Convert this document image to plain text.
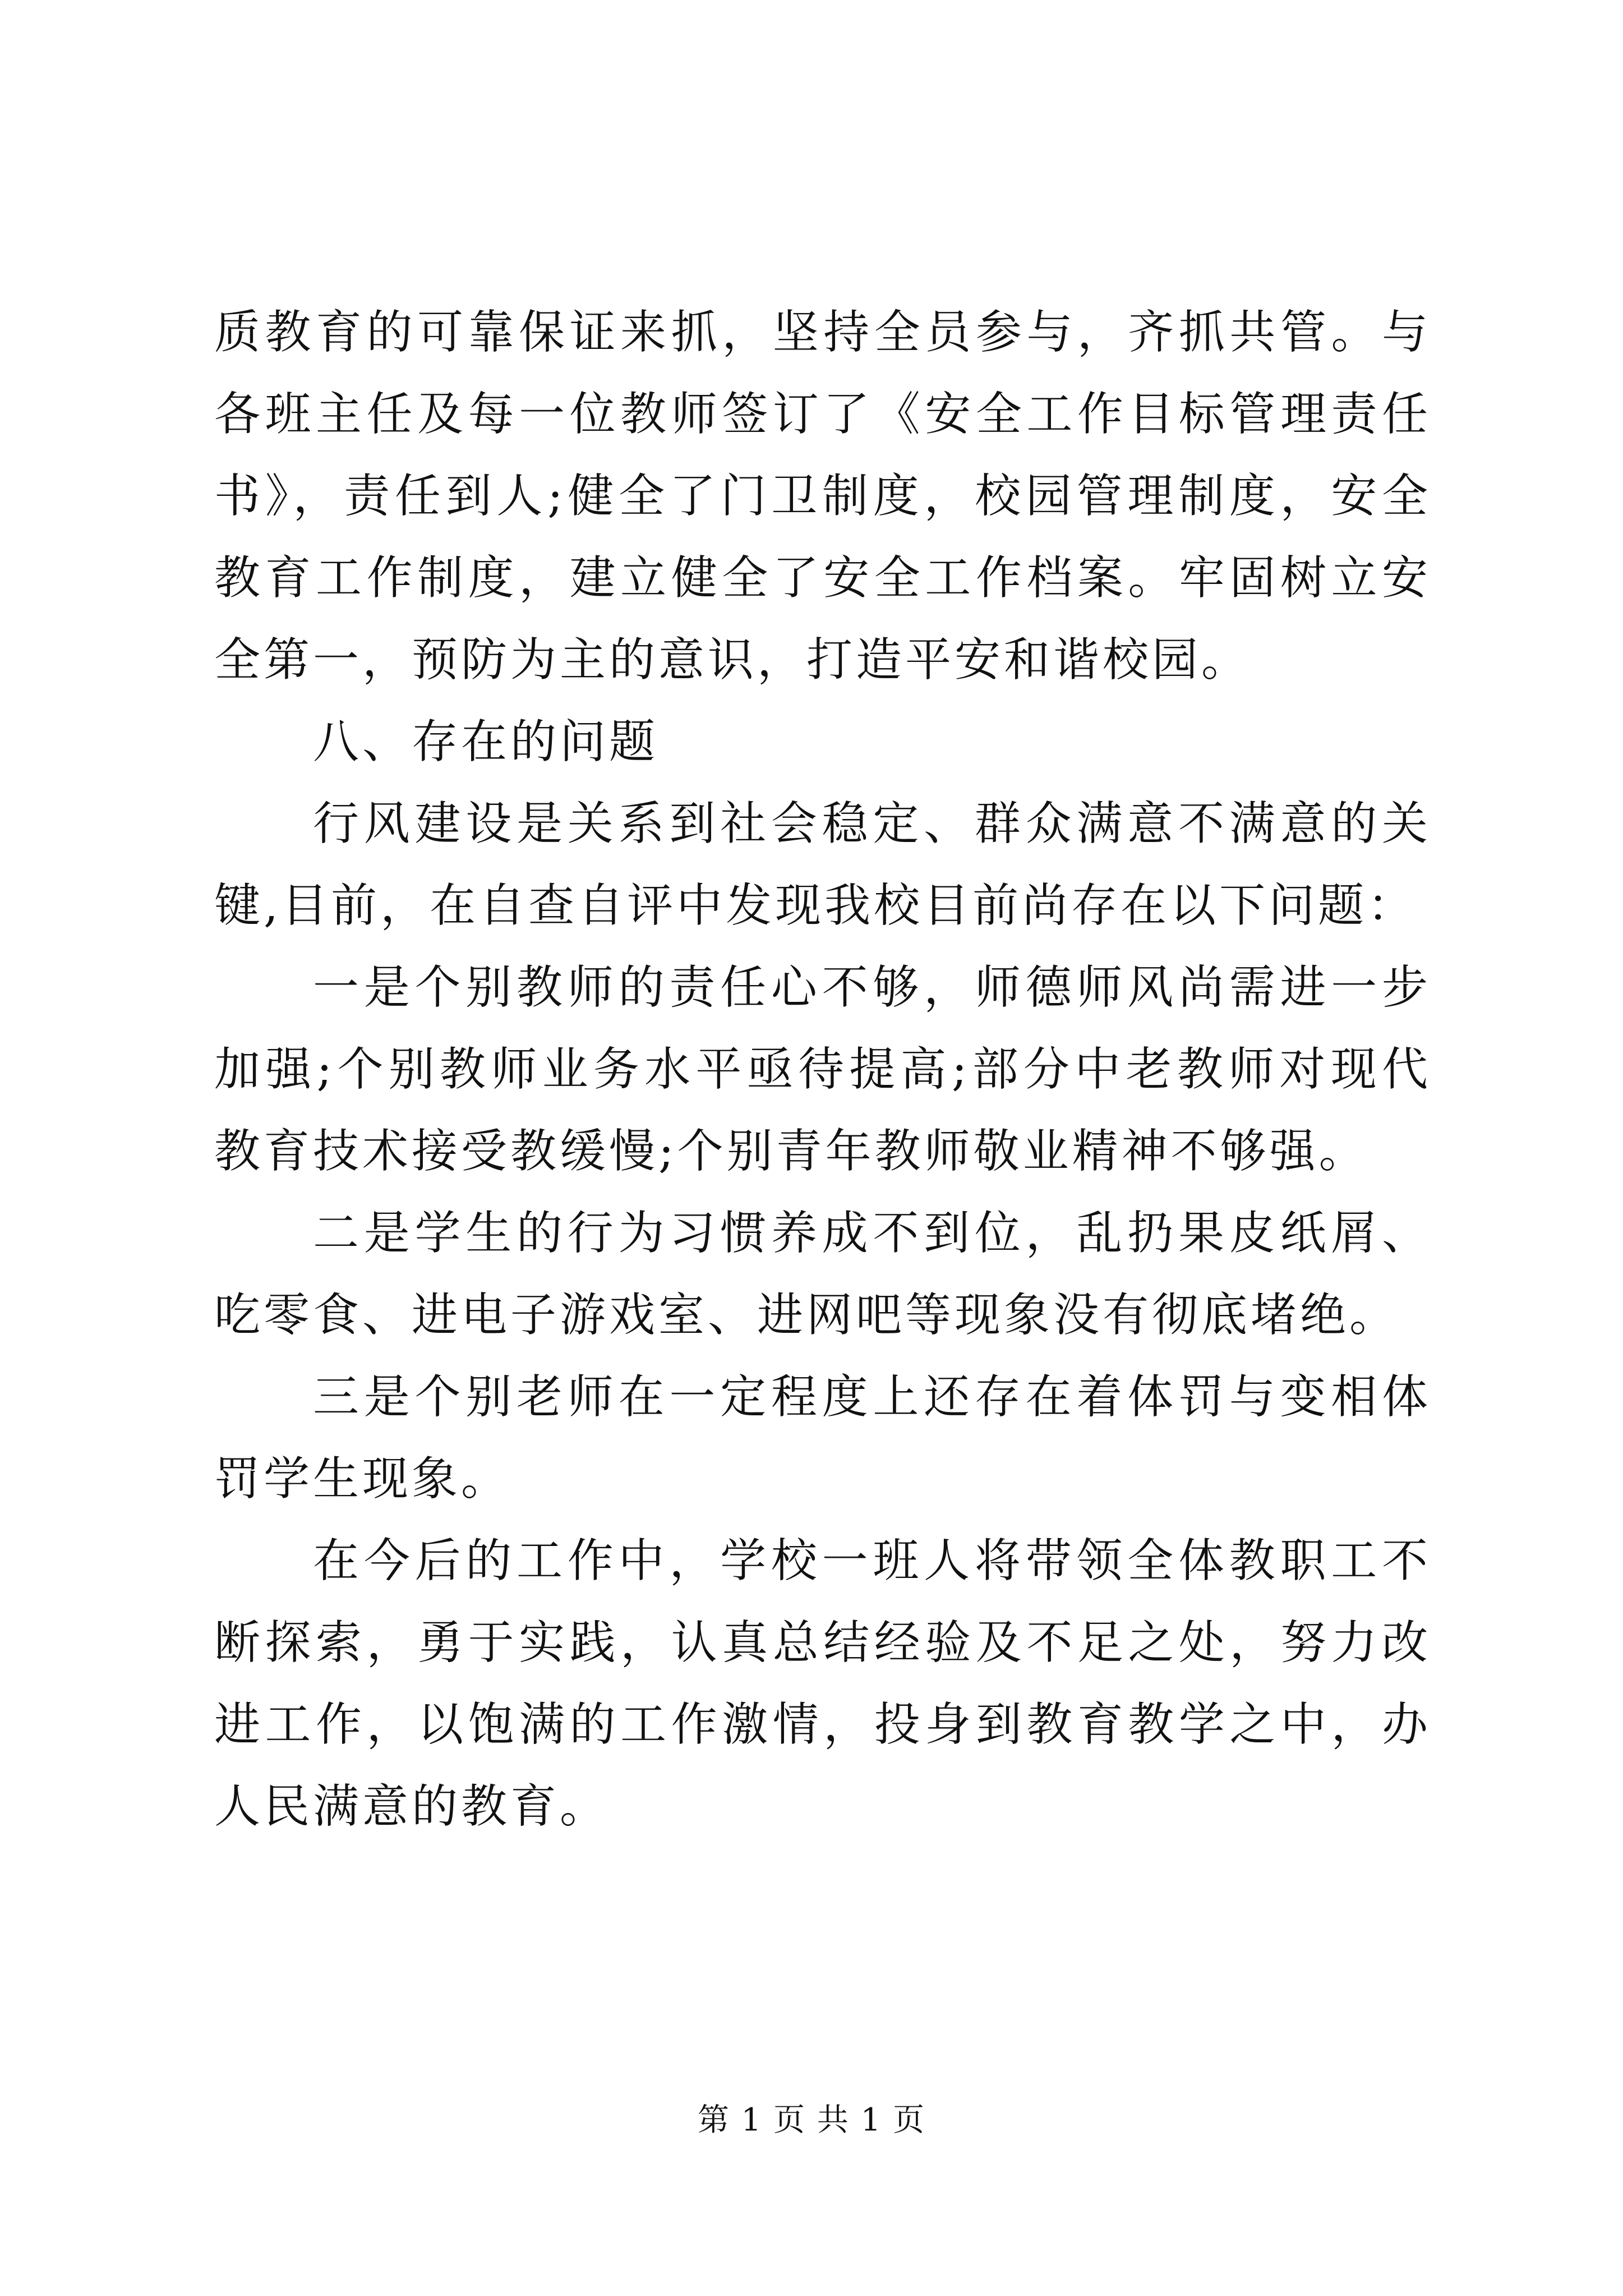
质教育的可靠保证来抓，坚持全员参与，齐抓共管。与各班主任及每一位教师签订了《安全工作目标管理责任书》，责任到人;健全了门卫制度，校园管理制度，安全教育工作制度，建立健全了安全工作档案。牢固树立安全第一，预防为主的意识，打造平安和谐校园。

八、存在的问题

行风建设是关系到社会稳定、群众满意不满意的关键,目前，在自查自评中发现我校目前尚存在以下问题：

一是个别教师的责任心不够，师德师风尚需进一步加强;个别教师业务水平亟待提高;部分中老教师对现代教育技术接受教缓慢;个别青年教师敬业精神不够强。

二是学生的行为习惯养成不到位，乱扔果皮纸屑、吃零食、进电子游戏室、进网吧等现象没有彻底堵绝。

三是个别老师在一定程度上还存在着体罚与变相体罚学生现象。

在今后的工作中，学校一班人将带领全体教职工不断探索，勇于实践，认真总结经验及不足之处，努力改进工作，以饱满的工作激情，投身到教育教学之中，办人民满意的教育。

第 1 页 共 1 页
